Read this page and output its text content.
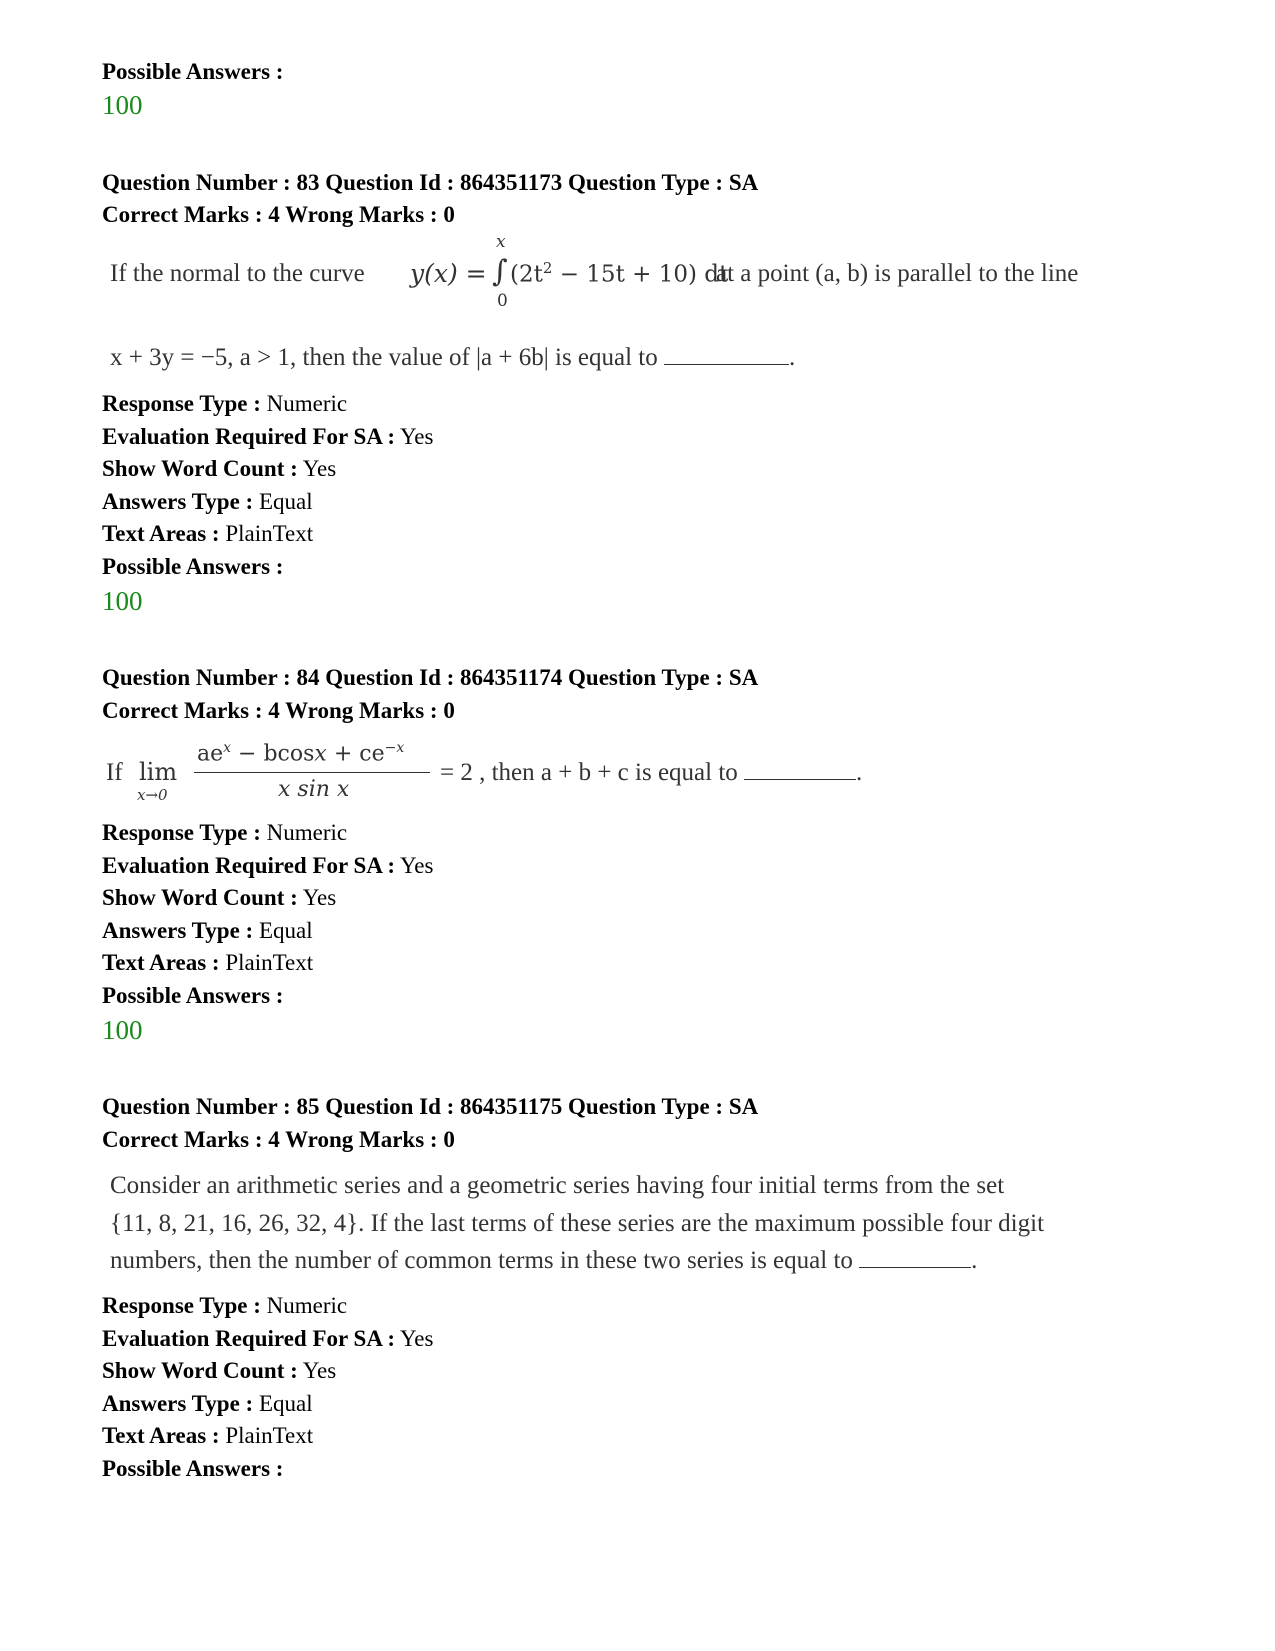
Possible Answers :
100
Question Number : 83 Question Id : 864351173 Question Type : SA
Correct Marks : 4 Wrong Marks : 0
If the normal to the curve y(x) =
x
∫
0
$(2t^2 - 15t + 10)$ dt
at a point (a, b) is parallel to the line
x + 3y = −5, a > 1, then the value of |a + 6b| is equal to	.
Response Type : Numeric
Evaluation Required For SA : Yes
Show Word Count : Yes
Answers Type : Equal
Text Areas : PlainText
Possible Answers :
100
Question Number : 84 Question Id : 864351174 Question Type : SA
Correct Marks : 4 Wrong Marks : 0
If lim
x→0
$ae^x - bcosx + ce^{-x}$
x sin x
= 2 , then a + b + c is equal to	.
Response Type : Numeric
Evaluation Required For SA : Yes
Show Word Count : Yes
Answers Type : Equal
Text Areas : PlainText
Possible Answers :
100
Question Number : 85 Question Id : 864351175 Question Type : SA
Correct Marks : 4 Wrong Marks : 0
Consider an arithmetic series and a geometric series having four initial terms from the set
{11, 8, 21, 16, 26, 32, 4}. If the last terms of these series are the maximum possible four digit
numbers, then the number of common terms in these two series is equal to	.
Response Type : Numeric
Evaluation Required For SA : Yes
Show Word Count : Yes
Answers Type : Equal
Text Areas : PlainText
Possible Answers :
